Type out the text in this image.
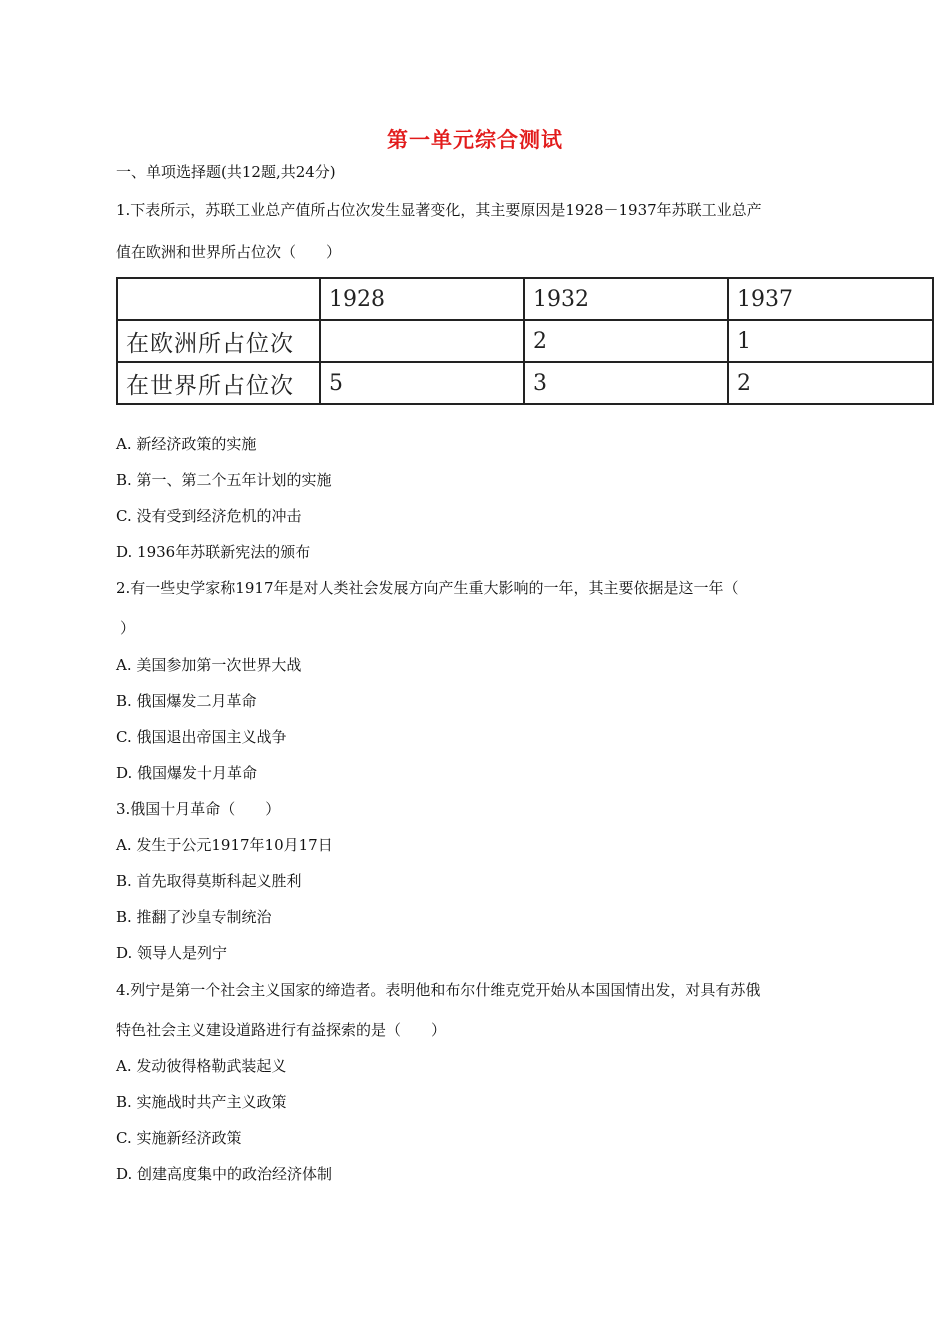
第一单元综合测试
一、单项选择题(共12题,共24分)
1.下表所示，苏联工业总产值所占位次发生显著变化，其主要原因是1928－1937年苏联工业总产
值在欧洲和世界所占位次（　　）
	1928	1932	1937
在欧洲所占位次		2	1
在世界所占位次	5	3	2
A. 新经济政策的实施
B. 第一、第二个五年计划的实施
C. 没有受到经济危机的冲击
D. 1936年苏联新宪法的颁布
2.有一些史学家称1917年是对人类社会发展方向产生重大影响的一年，其主要依据是这一年（
）
A. 美国参加第一次世界大战
B. 俄国爆发二月革命
C. 俄国退出帝国主义战争
D. 俄国爆发十月革命
3.俄国十月革命（　　）
A. 发生于公元1917年10月17日
B. 首先取得莫斯科起义胜利
B. 推翻了沙皇专制统治
D. 领导人是列宁
4.列宁是第一个社会主义国家的缔造者。表明他和布尔什维克党开始从本国国情出发，对具有苏俄
特色社会主义建设道路进行有益探索的是（　　）
A. 发动彼得格勒武装起义
B. 实施战时共产主义政策
C. 实施新经济政策
D. 创建高度集中的政治经济体制
